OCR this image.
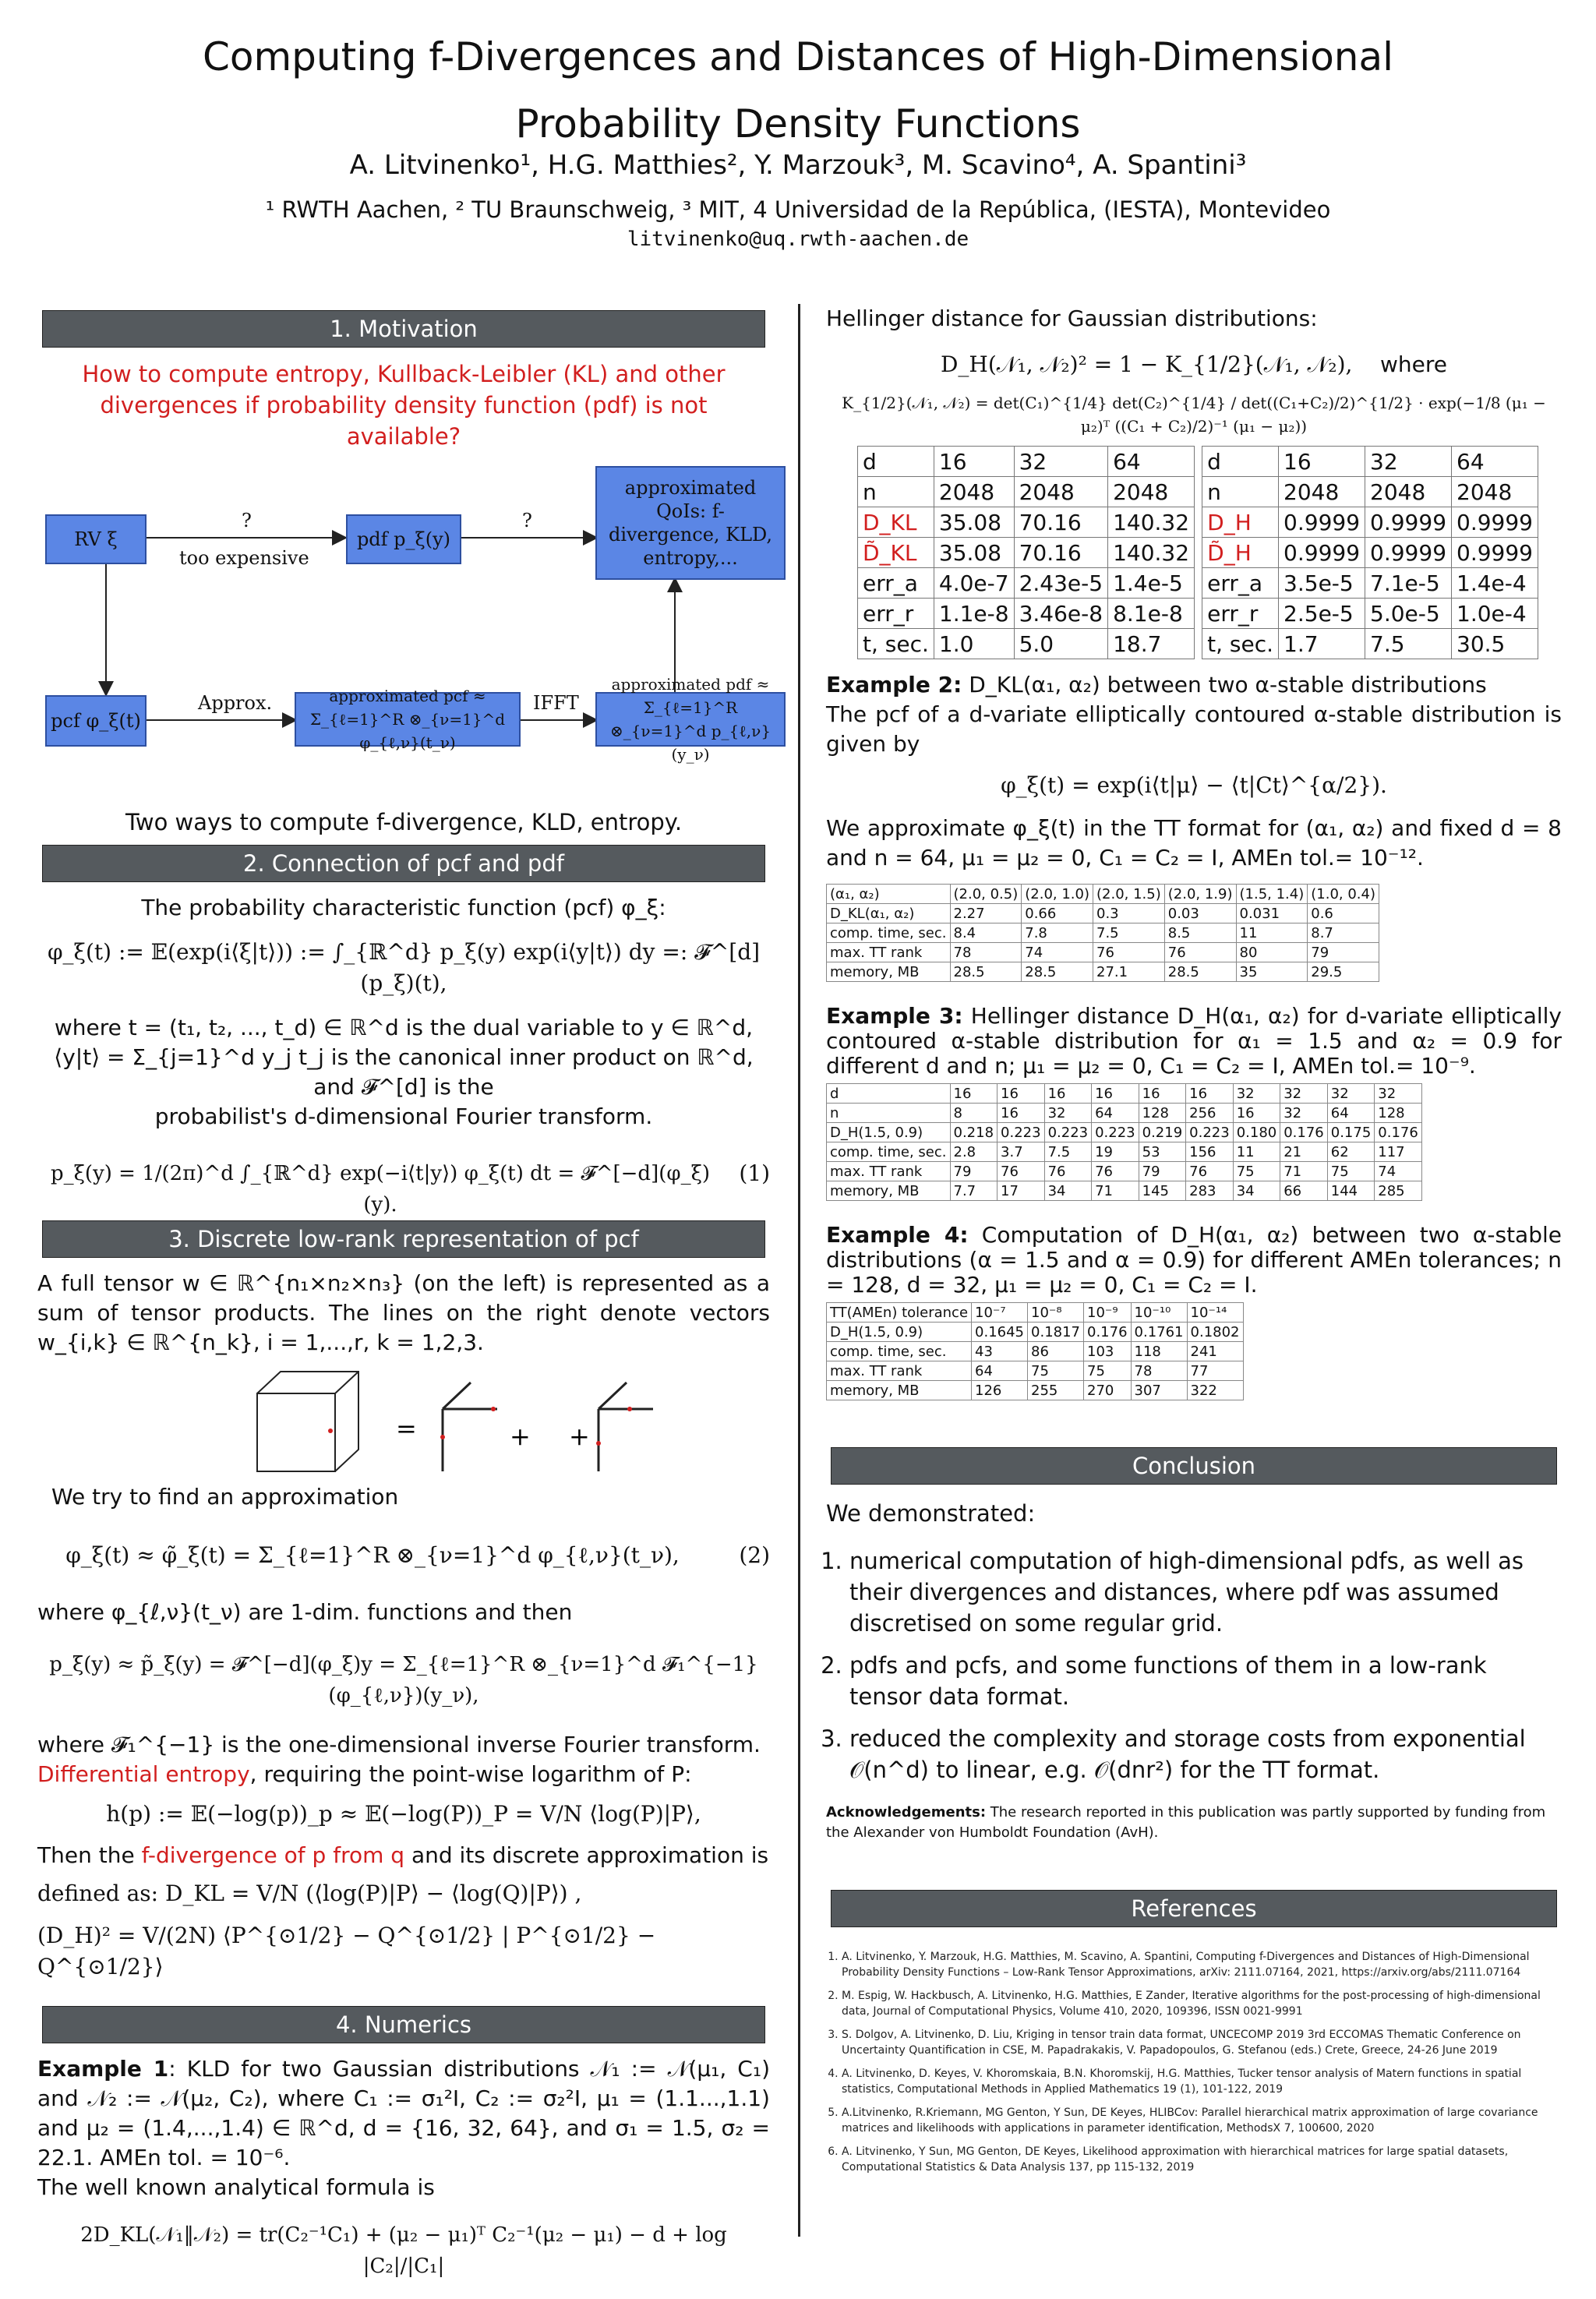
Computing f-Divergences and Distances of High-Dimensional
Probability Density Functions
A. Litvinenko¹, H.G. Matthies², Y. Marzouk³, M. Scavino⁴, A. Spantini³
¹ RWTH Aachen, ² TU Braunschweig, ³ MIT, 4 Universidad de la República, (IESTA), Montevideo
litvinenko@uq.rwth-aachen.de
1. Motivation

How to compute entropy, Kullback-Leibler (KL) and other divergences if probability density function (pdf) is not available?

RV ξ	pdf p_ξ(y)
approximated QoIs: f-divergence, KLD, entropy,...
pcf φ_ξ(t)
approximated pcf ≈ Σ_{ℓ=1}^R ⊗_{ν=1}^d φ_{ℓ,ν}(t_ν)
approximated pdf ≈ Σ_{ℓ=1}^R ⊗_{ν=1}^d p_{ℓ,ν}(y_ν)
?	?
too expensive
Approx.	IFFT

Two ways to compute f-divergence, KLD, entropy.

2. Connection of pcf and pdf

The probability characteristic function (pcf) φ_ξ:

φ_ξ(t) := 𝔼(exp(i⟨ξ|t⟩)) := ∫_{ℝ^d} p_ξ(y) exp(i⟨y|t⟩) dy =: 𝓕^[d](p_ξ)(t),

where t = (t₁, t₂, ..., t_d) ∈ ℝ^d is the dual variable to y ∈ ℝ^d,

⟨y|t⟩ = Σ_{j=1}^d y_j t_j is the canonical inner product on ℝ^d, and 𝓕^[d] is the

probabilist's d-dimensional Fourier transform.

p_ξ(y) = 1/(2π)^d ∫_{ℝ^d} exp(−i⟨t|y⟩) φ_ξ(t) dt = 𝓕^[−d](φ_ξ)(y).

(1)

3. Discrete low-rank representation of pcf

A full tensor w ∈ ℝ^{n₁×n₂×n₃} (on the left) is represented as a sum of tensor products. The lines on the right denote vectors w_{i,k} ∈ ℝ^{n_k}, i = 1,...,r, k = 1,2,3.

=	+ +

We try to find an approximation

φ_ξ(t) ≈ φ̃_ξ(t) = Σ_{ℓ=1}^R ⊗_{ν=1}^d φ_{ℓ,ν}(t_ν),	(2)

where φ_{ℓ,ν}(t_ν) are 1-dim. functions and then

p_ξ(y) ≈ p̃_ξ(y) = 𝓕^[−d](φ_ξ)y = Σ_{ℓ=1}^R ⊗_{ν=1}^d 𝓕₁^{−1}(φ_{ℓ,ν})(y_ν),

where 𝓕₁^{−1} is the one-dimensional inverse Fourier transform.

Differential entropy, requiring the point-wise logarithm of P:

h(p) := 𝔼(−log(p))_p ≈ 𝔼(−log(P))_P = V/N ⟨log(P)|P⟩,

Then the f-divergence of p from q and its discrete approximation is

defined as: D_KL = V/N (⟨log(P)|P⟩ − ⟨log(Q)|P⟩) ,

(D_H)² = V/(2N) ⟨P^{⊙1/2} − Q^{⊙1/2} | P^{⊙1/2} − Q^{⊙1/2}⟩

4. Numerics

Example 1: KLD for two Gaussian distributions 𝒩₁ := 𝒩(μ₁, C₁) and 𝒩₂ := 𝒩(μ₂, C₂), where C₁ := σ₁²I, C₂ := σ₂²I, μ₁ = (1.1...,1.1) and μ₂ = (1.4,...,1.4) ∈ ℝ^d, d = {16, 32, 64}, and σ₁ = 1.5, σ₂ = 22.1. AMEn tol. = 10⁻⁶.

The well known analytical formula is

2D_KL(𝒩₁‖𝒩₂) = tr(C₂⁻¹C₁) + (μ₂ − μ₁)ᵀ C₂⁻¹(μ₂ − μ₁) − d + log |C₂|/|C₁|

Hellinger distance for Gaussian distributions:

D_H(𝒩₁, 𝒩₂)² = 1 − K_{1/2}(𝒩₁, 𝒩₂), where

K_{1/2}(𝒩₁, 𝒩₂) = det(C₁)^{1/4} det(C₂)^{1/4} / det((C₁+C₂)/2)^{1/2} · exp(−1/8 (μ₁ − μ₂)ᵀ ((C₁ + C₂)/2)⁻¹ (μ₁ − μ₂))

d	16	32	64
n	2048	2048	2048
D_KL	35.08	70.16	140.32
D̃_KL	35.08	70.16	140.32
err_a	4.0e-7	2.43e-5	1.4e-5
err_r	1.1e-8	3.46e-8	8.1e-8
t, sec.	1.0	5.0	18.7
d	16	32	64
n	2048	2048	2048
D_H	0.9999	0.9999	0.9999
D̃_H	0.9999	0.9999	0.9999
err_a	3.5e-5	7.1e-5	1.4e-4
err_r	2.5e-5	5.0e-5	1.0e-4
t, sec.	1.7	7.5	30.5

Example 2: D_KL(α₁, α₂) between two α-stable distributions

The pcf of a d-variate elliptically contoured α-stable distribution is given by

φ_ξ(t) = exp(i⟨t|μ⟩ − ⟨t|Ct⟩^{α/2}).

We approximate φ_ξ(t) in the TT format for (α₁, α₂) and fixed d = 8 and n = 64, μ₁ = μ₂ = 0, C₁ = C₂ = I, AMEn tol.= 10⁻¹².

(α₁, α₂)	(2.0, 0.5)	(2.0, 1.0)	(2.0, 1.5)	(2.0, 1.9)	(1.5, 1.4)	(1.0, 0.4)
D_KL(α₁, α₂)	2.27	0.66	0.3	0.03	0.031	0.6
comp. time, sec.	8.4	7.8	7.5	8.5	11	8.7
max. TT rank	78	74	76	76	80	79
memory, MB	28.5	28.5	27.1	28.5	35	29.5

Example 3: Hellinger distance D_H(α₁, α₂) for d-variate elliptically contoured α-stable distribution for α₁ = 1.5 and α₂ = 0.9 for different d and n; μ₁ = μ₂ = 0, C₁ = C₂ = I, AMEn tol.= 10⁻⁹.

d	16	16	16	16	16	16	32	32	32	32
n	8	16	32	64	128	256	16	32	64	128
D_H(1.5, 0.9)	0.218	0.223	0.223	0.223	0.219	0.223	0.180	0.176	0.175	0.176
comp. time, sec.	2.8	3.7	7.5	19	53	156	11	21	62	117
max. TT rank	79	76	76	76	79	76	75	71	75	74
memory, MB	7.7	17	34	71	145	283	34	66	144	285

Example 4: Computation of D_H(α₁, α₂) between two α-stable distributions (α = 1.5 and α = 0.9) for different AMEn tolerances; n = 128, d = 32, μ₁ = μ₂ = 0, C₁ = C₂ = I.

TT(AMEn) tolerance	10⁻⁷	10⁻⁸	10⁻⁹	10⁻¹⁰	10⁻¹⁴
D_H(1.5, 0.9)	0.1645	0.1817	0.176	0.1761	0.1802
comp. time, sec.	43	86	103	118	241
max. TT rank	64	75	75	78	77
memory, MB	126	255	270	307	322
Conclusion

We demonstrated:

1. numerical computation of high-dimensional pdfs, as well as their divergences and distances, where pdf was assumed discretised on some regular grid.
2. pdfs and pcfs, and some functions of them in a low-rank tensor data format.
3. reduced the complexity and storage costs from exponential 𝒪(n^d) to linear, e.g. 𝒪(dnr²) for the TT format.

Acknowledgements: The research reported in this publication was partly supported by funding from the Alexander von Humboldt Foundation (AvH).

References
1. A. Litvinenko, Y. Marzouk, H.G. Matthies, M. Scavino, A. Spantini, Computing f-Divergences and Distances of High-Dimensional Probability Density Functions – Low-Rank Tensor Approximations, arXiv: 2111.07164, 2021, https://arxiv.org/abs/2111.07164
2. M. Espig, W. Hackbusch, A. Litvinenko, H.G. Matthies, E Zander, Iterative algorithms for the post-processing of high-dimensional data, Journal of Computational Physics, Volume 410, 2020, 109396, ISSN 0021-9991
3. S. Dolgov, A. Litvinenko, D. Liu, Kriging in tensor train data format, UNCECOMP 2019 3rd ECCOMAS Thematic Conference on Uncertainty Quantification in CSE, M. Papadrakakis, V. Papadopoulos, G. Stefanou (eds.) Crete, Greece, 24-26 June 2019
4. A. Litvinenko, D. Keyes, V. Khoromskaia, B.N. Khoromskij, H.G. Matthies, Tucker tensor analysis of Matern functions in spatial statistics, Computational Methods in Applied Mathematics 19 (1), 101-122, 2019
5. A.Litvinenko, R.Kriemann, MG Genton, Y Sun, DE Keyes, HLIBCov: Parallel hierarchical matrix approximation of large covariance matrices and likelihoods with applications in parameter identification, MethodsX 7, 100600, 2020
6. A. Litvinenko, Y Sun, MG Genton, DE Keyes, Likelihood approximation with hierarchical matrices for large spatial datasets, Computational Statistics & Data Analysis 137, pp 115-132, 2019
